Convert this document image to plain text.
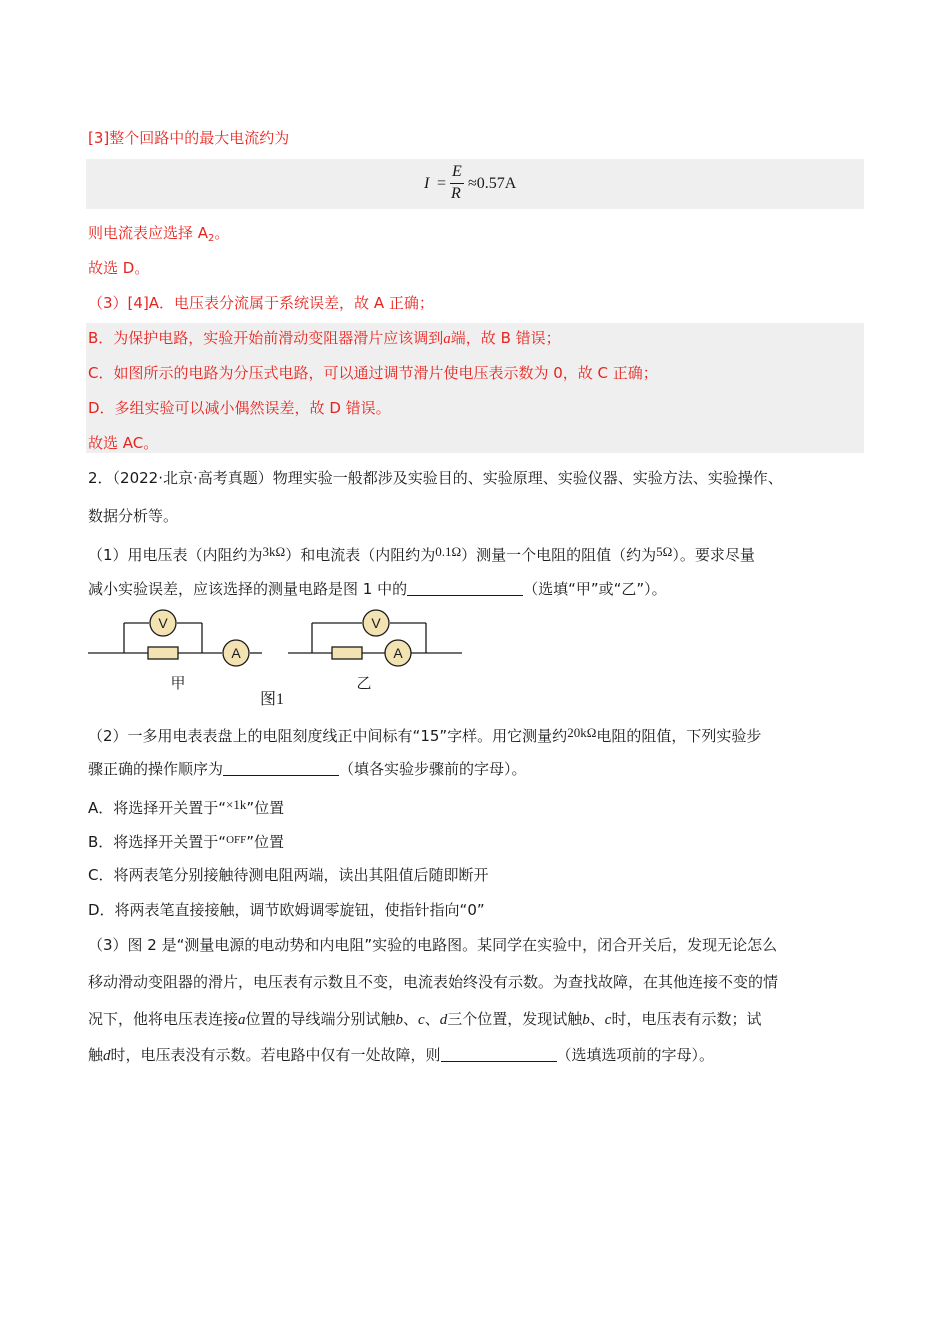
[3]整个回路中的最大电流约为
I =
E
R
≈0.57A
则电流表应选择 $A_2$。
故选 D。
（3）[4]A．电压表分流属于系统误差，故 A 正确；
B．为保护电路，实验开始前滑动变阻器滑片应该调到a端，故 B 错误；
C．如图所示的电路为分压式电路，可以通过调节滑片使电压表示数为 0，故 C 正确；
D．多组实验可以减小偶然误差，故 D 错误。
故选 AC。
2．（2022·北京·高考真题）物理实验一般都涉及实验目的、实验原理、实验仪器、实验方法、实验操作、
数据分析等。
（1）用电压表（内阻约为3kΩ）和电流表（内阻约为0.1Ω）测量一个电阻的阻值（约为5Ω）。要求尽量
减小实验误差，应该选择的测量电路是图 1 中的	（选填“甲”或“乙”）。
V
A
V
A
甲	乙
图1
（2）一多用电表表盘上的电阻刻度线正中间标有“15”字样。用它测量约20kΩ电阻的阻值，下列实验步
骤正确的操作顺序为	（填各实验步骤前的字母）。
A．将选择开关置于“×1k”位置
B．将选择开关置于“$^{OFF}$”位置
C．将两表笔分别接触待测电阻两端，读出其阻值后随即断开
D．将两表笔直接接触，调节欧姆调零旋钮，使指针指向“0”
（3）图 2 是“测量电源的电动势和内电阻”实验的电路图。某同学在实验中，闭合开关后，发现无论怎么
移动滑动变阻器的滑片，电压表有示数且不变，电流表始终没有示数。为查找故障，在其他连接不变的情
况下，他将电压表连接a位置的导线端分别试触b、c、d三个位置，发现试触b、c时，电压表有示数；试
触d时，电压表没有示数。若电路中仅有一处故障，则	（选填选项前的字母）。
